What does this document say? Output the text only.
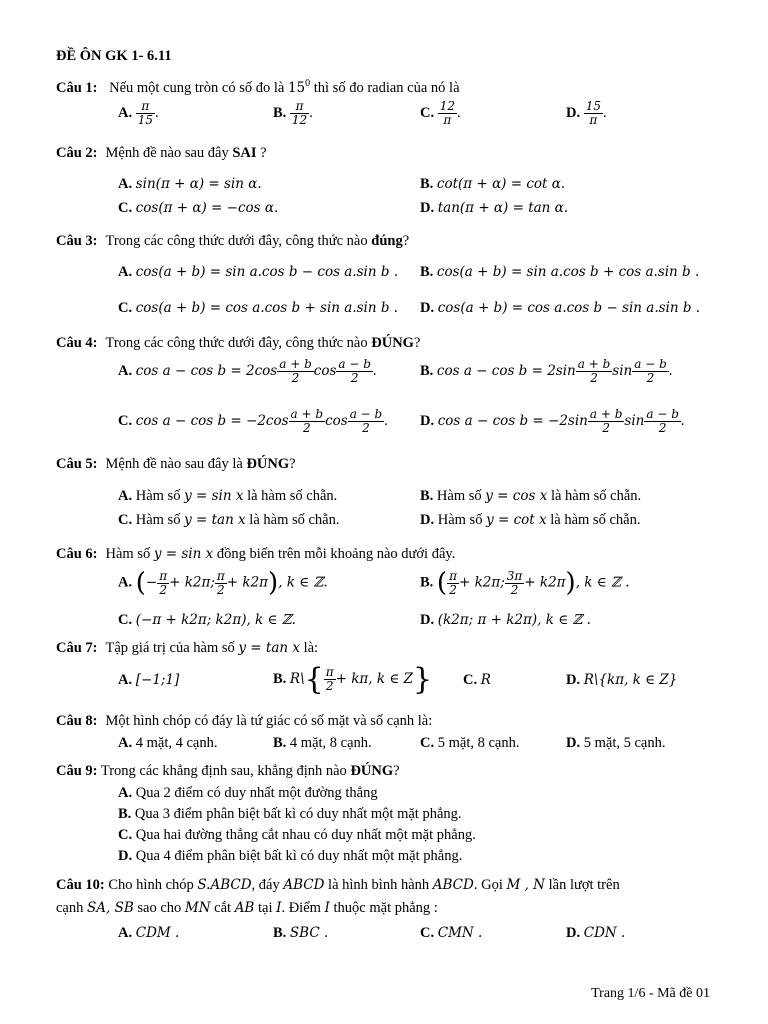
ĐỀ ÔN GK 1- 6.11
Câu 1: Nếu một cung tròn có số đo là $15^0$ thì số đo radian của nó là
A. $\frac{\pi}{15}$ .	B. $\frac{\pi}{12}$ .	C. $\frac{12}{\pi}$ .	D. $\frac{15}{\pi}$ .
Câu 2: Mệnh đề nào sau đây SAI ?
A. sin(π + α) = sin α.	B. cot(π + α) = cot α.
C. cos(π + α) = −cos α.	D. tan(π + α) = tan α.
Câu 3: Trong các công thức dưới đây, công thức nào đúng?
A. cos(a + b) = sin a.cos b − cos a.sin b . B. cos(a + b) = sin a.cos b + cos a.sin b .
C. cos(a + b) = cos a.cos b + sin a.sin b . D. cos(a + b) = cos a.cos b − sin a.sin b .
Câu 4: Trong các công thức dưới đây, công thức nào ĐÚNG?
A. $\cos a - \cos b = 2\cos \frac{a + b}{2}$ $\cos \frac{a - b}{2}$ .	B. $\cos a - \cos b = 2\sin \frac{a + b}{2}$ $\sin \frac{a - b}{2}$ .
C. $\cos a - \cos b = -2\cos \frac{a + b}{2}$ $\cos \frac{a - b}{2}$ . D. $\cos a - \cos b = -2\sin \frac{a + b}{2}$ $\sin \frac{a - b}{2}$ .
Câu 5: Mệnh đề nào sau đây là ĐÚNG?
A. Hàm số y = sin x là hàm số chẵn.	B. Hàm số y = cos x là hàm số chẵn.
C. Hàm số y = tan x là hàm số chẵn.	D. Hàm số y = cot x là hàm số chẵn.
Câu 6: Hàm số y = sin x đồng biến trên mỗi khoảng nào dưới đây.
A. (− $\frac{\pi}{2} + k2\pi$; $\frac{\pi}{2} + k2\pi$), k ∈ ℤ.	B. ( $\frac{\pi}{2} + k2\pi$; $\frac{3\pi}{2} + k2\pi$), k ∈ ℤ .
C. (−π + k2π; k2π), k ∈ ℤ.	D. (k2π; π + k2π), k ∈ ℤ .
Câu 7: Tập giá trị của hàm số y = tan x là:
A. [−1;1]	B. R\{ $\frac{\pi}{2} + k\pi$, k ∈ Z} C. R	D. R\{kπ, k ∈ Z}
Câu 8: Một hình chóp có đáy là tứ giác có số mặt và số cạnh là:
A. 4 mặt, 4 cạnh.	B. 4 mặt, 8 cạnh.	C. 5 mặt, 8 cạnh.	D. 5 mặt, 5 cạnh.
Câu 9: Trong các khẳng định sau, khẳng định nào ĐÚNG?
A. Qua 2 điểm có duy nhất một đường thẳng
B. Qua 3 điểm phân biệt bất kì có duy nhất một mặt phẳng.
C. Qua hai đường thẳng cắt nhau có duy nhất một mặt phẳng.
D. Qua 4 điểm phân biệt bất kì có duy nhất một mặt phẳng.
Câu 10: Cho hình chóp S.ABCD, đáy ABCD là hình bình hành ABCD. Gọi M , N lần lượt trên
cạnh SA, SB sao cho MN cắt AB tại I. Điểm I thuộc mặt phẳng :
A. CDM .	B. SBC .	C. CMN .	D. CDN .
Trang 1/6 - Mã đề 01
